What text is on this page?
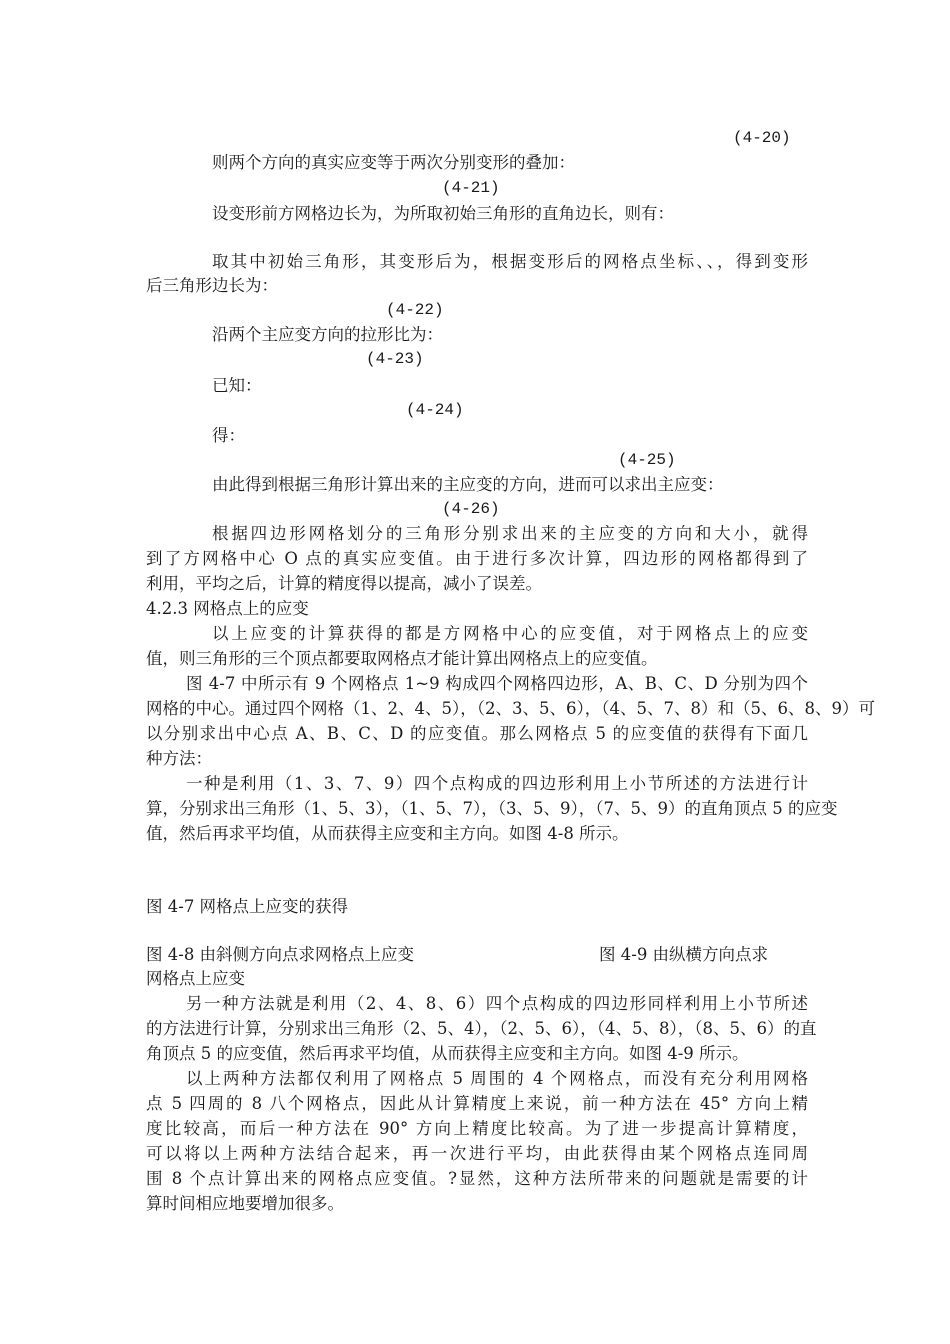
(4-20)

则两个方向的真实应变等于两次分别变形的叠加：

(4-21)

设变形前方网格边长为，为所取初始三角形的直角边长，则有：

取其中初始三角形，其变形后为，根据变形后的网格点坐标、、，得到变形

后三角形边长为：

(4-22)

沿两个主应变方向的拉形比为：

(4-23)

已知：

(4-24)

得：

(4-25)

由此得到根据三角形计算出来的主应变的方向，进而可以求出主应变：

(4-26)

根据四边形网格划分的三角形分别求出来的主应变的方向和大小，就得

到了方网格中心 O 点的真实应变值。由于进行多次计算，四边形的网格都得到了

利用，平均之后，计算的精度得以提高，减小了误差。

4.2.3 网格点上的应变

以上应变的计算获得的都是方网格中心的应变值，对于网格点上的应变

值，则三角形的三个顶点都要取网格点才能计算出网格点上的应变值。

图 4-7 中所示有 9 个网格点 1~9 构成四个网格四边形，A、B、C、D 分别为四个

网格的中心。通过四个网格（1、2、4、5），（2、3、5、6），（4、5、7、8）和（5、6、8、9）可

以分别求出中心点 A、B、C、D 的应变值。那么网格点 5 的应变值的获得有下面几

种方法：

一种是利用（1、3、7、9）四个点构成的四边形利用上小节所述的方法进行计

算，分别求出三角形（1、5、3），（1、5、7），（3、5、9），（7、5、9）的直角顶点 5 的应变

值，然后再求平均值，从而获得主应变和主方向。如图 4-8 所示。

图 4-7 网格点上应变的获得

图 4-8 由斜侧方向点求网格点上应变	图 4-9 由纵横方向点求

网格点上应变

另一种方法就是利用（2、4、8、6）四个点构成的四边形同样利用上小节所述

的方法进行计算，分别求出三角形（2、5、4），（2、5、6），（4、5、8），（8、5、6）的直

角顶点 5 的应变值，然后再求平均值，从而获得主应变和主方向。如图 4-9 所示。

以上两种方法都仅利用了网格点 5 周围的 4 个网格点，而没有充分利用网格

点 5 四周的 8 八个网格点，因此从计算精度上来说，前一种方法在 45° 方向上精

度比较高，而后一种方法在 90° 方向上精度比较高。为了进一步提高计算精度，

可以将以上两种方法结合起来，再一次进行平均，由此获得由某个网格点连同周

围 8 个点计算出来的网格点应变值。?显然，这种方法所带来的问题就是需要的计

算时间相应地要增加很多。
